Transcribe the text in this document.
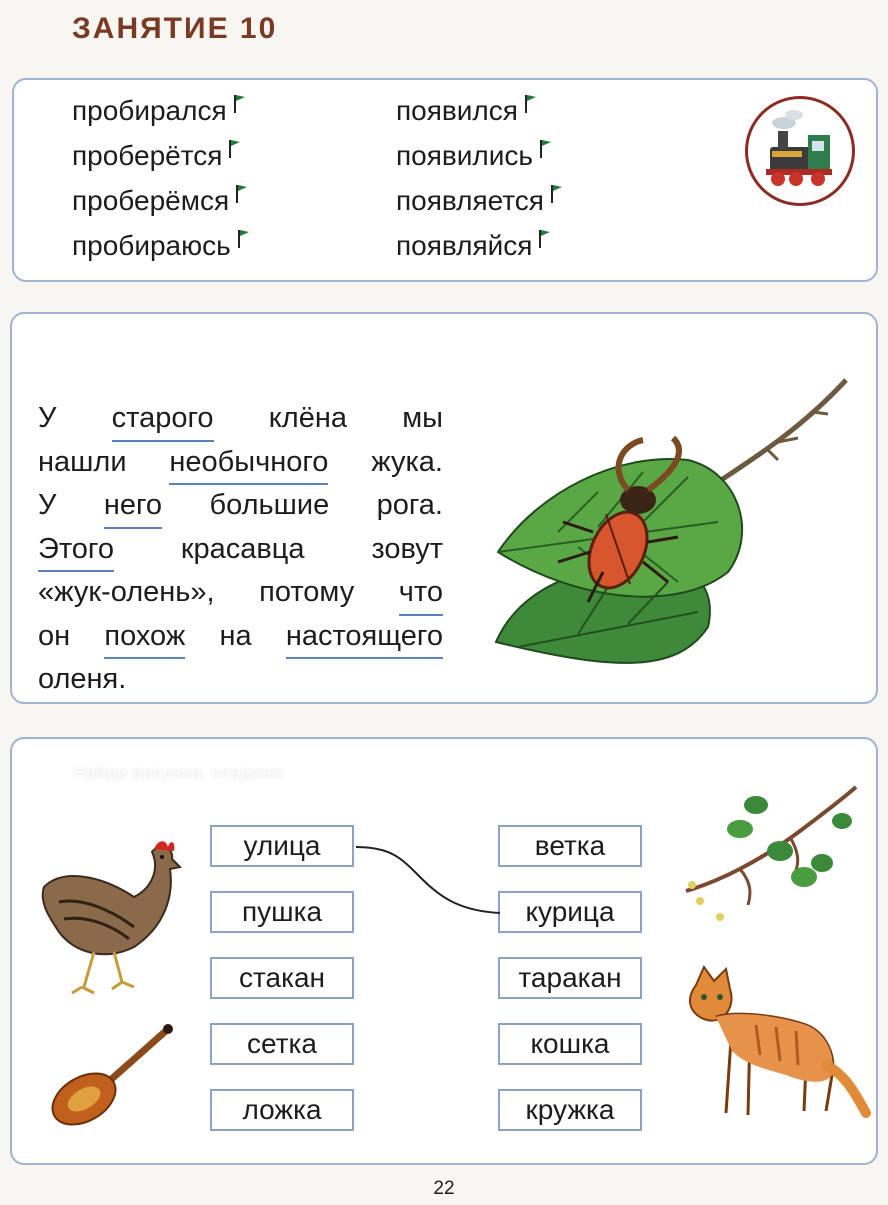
ЗАНЯТИЕ 10
пробирался
проберётся
проберёмся
пробираюсь
появился
появились
появляется
появляйся
У старого клёна мы
нашли необычного жука.
У него большие рога.
Этого красавца зовут
«жук-олень», потому что
он похож на настоящего
оленя.
Найди рисунки, соедини
улица
пушка
стакан
сетка
ложка
ветка
курица
таракан
кошка
кружка
22
